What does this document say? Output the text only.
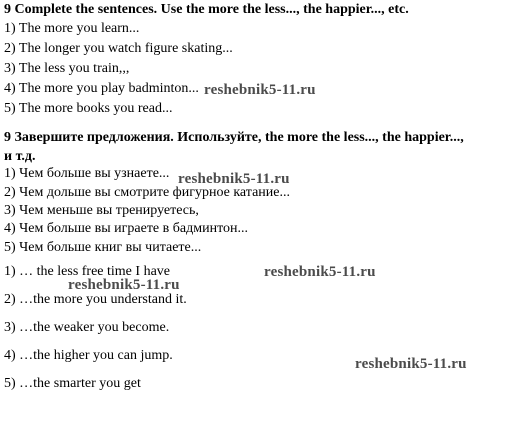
9 Complete the sentences. Use the more the less..., the happier..., etc.
1) The more you learn...
2) The longer you watch figure skating...
3) The less you train,,,
4) The more you play badminton...
5) The more books you read...
9 Завершите предложения. Используйте, the more the less..., the happier...,
и т.д.
1) Чем больше вы узнаете...
2) Чем дольше вы смотрите фигурное катание...
3) Чем меньше вы тренируетесь,
4) Чем больше вы играете в бадминтон...
5) Чем больше книг вы читаете...
1) … the less free time I have
2) …the more you understand it.
3) …the weaker you become.
4) …the higher you can jump.
5) …the smarter you get
reshebnik5-11.ru
reshebnik5-11.ru
reshebnik5-11.ru
reshebnik5-11.ru
reshebnik5-11.ru
